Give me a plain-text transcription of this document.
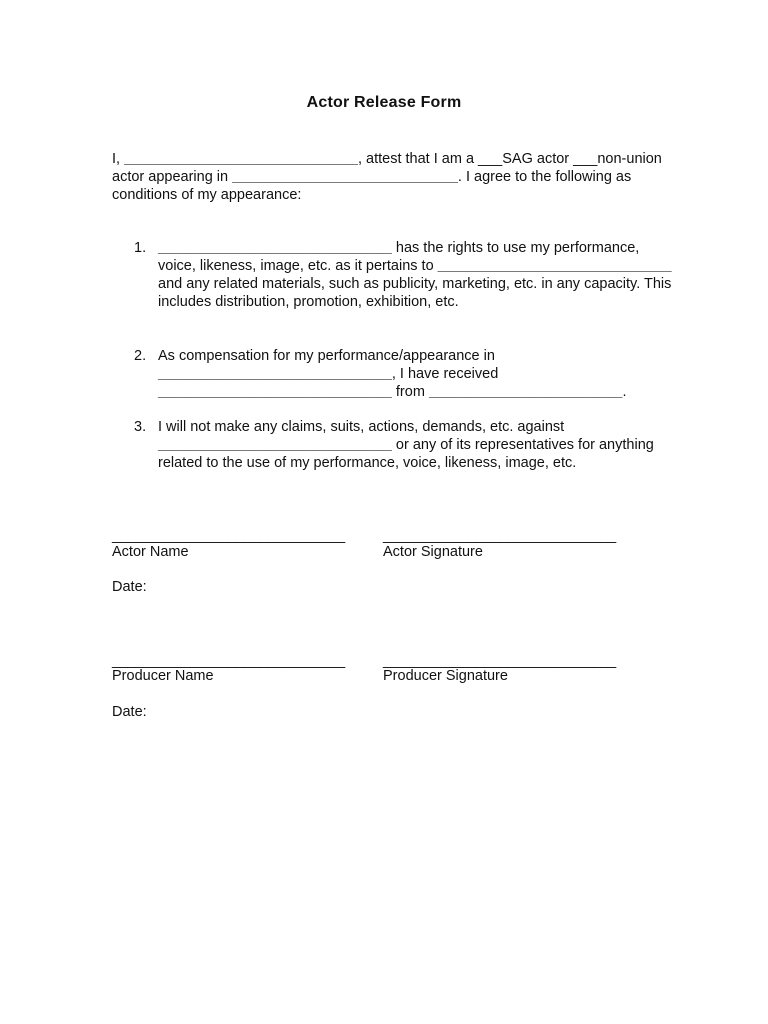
Actor Release Form
I, _____________________________, attest that I am a ___SAG actor ___non-union actor appearing in ____________________________. I agree to the following as conditions of my appearance:
1. _____________________________ has the rights to use my performance, voice, likeness, image, etc. as it pertains to _____________________________ and any related materials, such as publicity, marketing, etc. in any capacity. This includes distribution, promotion, exhibition, etc.
2. As compensation for my performance/appearance in _____________________________, I have received _____________________________ from ________________________.
3. I will not make any claims, suits, actions, demands, etc. against _____________________________ or any of its representatives for anything related to the use of my performance, voice, likeness, image, etc.
______________________________	______________________________
Actor Name	Actor Signature
Date:
______________________________	______________________________
Producer Name	Producer Signature
Date:
